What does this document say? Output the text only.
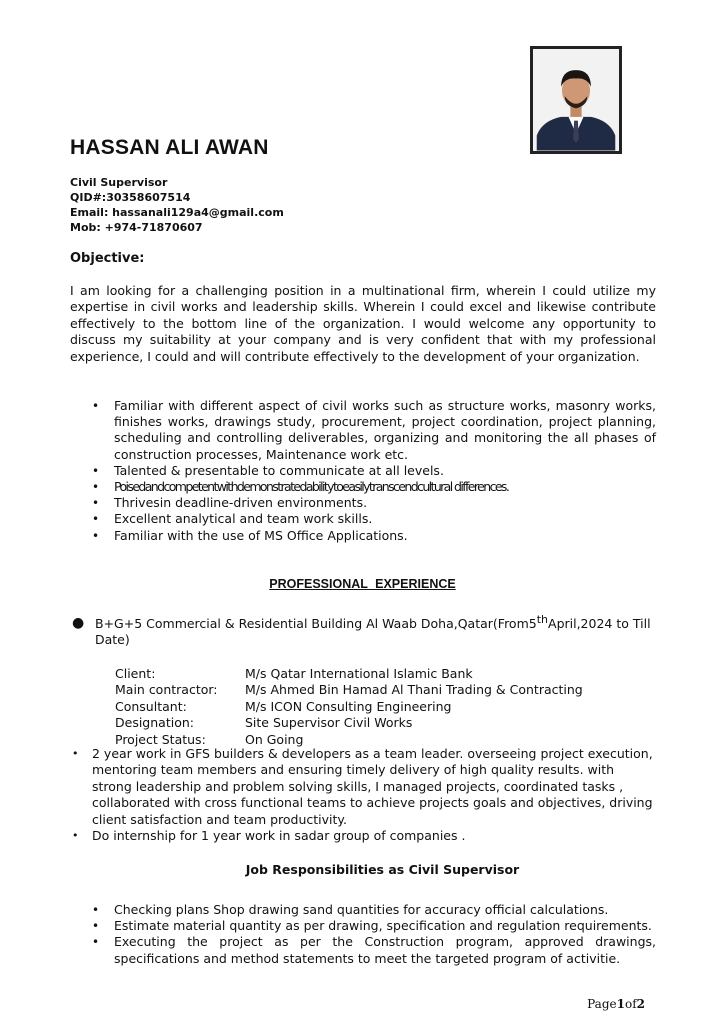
HASSAN ALI AWAN
Civil Supervisor
QID#:30358607514
Email: hassanali129a4@gmail.com
Mob: +974-71870607
Objective:

I am looking for a challenging position in a multinational firm, wherein I could utilize my expertise in civil works and leadership skills. Wherein I could excel and likewise contribute effectively to the bottom line of the organization. I would welcome any opportunity to discuss my suitability at your company and is very confident that with my professional experience, I could and will contribute effectively to the development of your organization.

• Familiar with different aspect of civil works such as structure works, masonry works, finishes works, drawings study, procurement, project coordination, project planning, scheduling and controlling deliverables, organizing and monitoring the all phases of construction processes, Maintenance work etc.
• Talented & presentable to communicate at all levels.
• Poisedandcompetentwithdemonstratedabilitytoeasilytranscendcultural differences.
• Thrivesin deadline-driven environments.
• Excellent analytical and team work skills.
• Familiar with the use of MS Office Applications.
PROFESSIONAL EXPERIENCE
● B+G+5 Commercial & Residential Building Al Waab Doha,Qatar(From5thApril,2024 to Till Date)
Client:	M/s Qatar International Islamic Bank
Main contractor:	M/s Ahmed Bin Hamad Al Thani Trading & Contracting
Consultant:	M/s ICON Consulting Engineering
Designation:	Site Supervisor Civil Works
Project Status:	On Going
• 2 year work in GFS builders & developers as a team leader. overseeing project execution, mentoring team members and ensuring timely delivery of high quality results. with strong leadership and problem solving skills, I managed projects, coordinated tasks , collaborated with cross functional teams to achieve projects goals and objectives, driving client satisfaction and team productivity.
• Do internship for 1 year work in sadar group of companies .
Job Responsibilities as Civil Supervisor
• Checking plans Shop drawing sand quantities for accuracy official calculations.
• Estimate material quantity as per drawing, specification and regulation requirements.
• Executing the project as per the Construction program, approved drawings, specifications and method statements to meet the targeted program of activitie.
Page1of2
